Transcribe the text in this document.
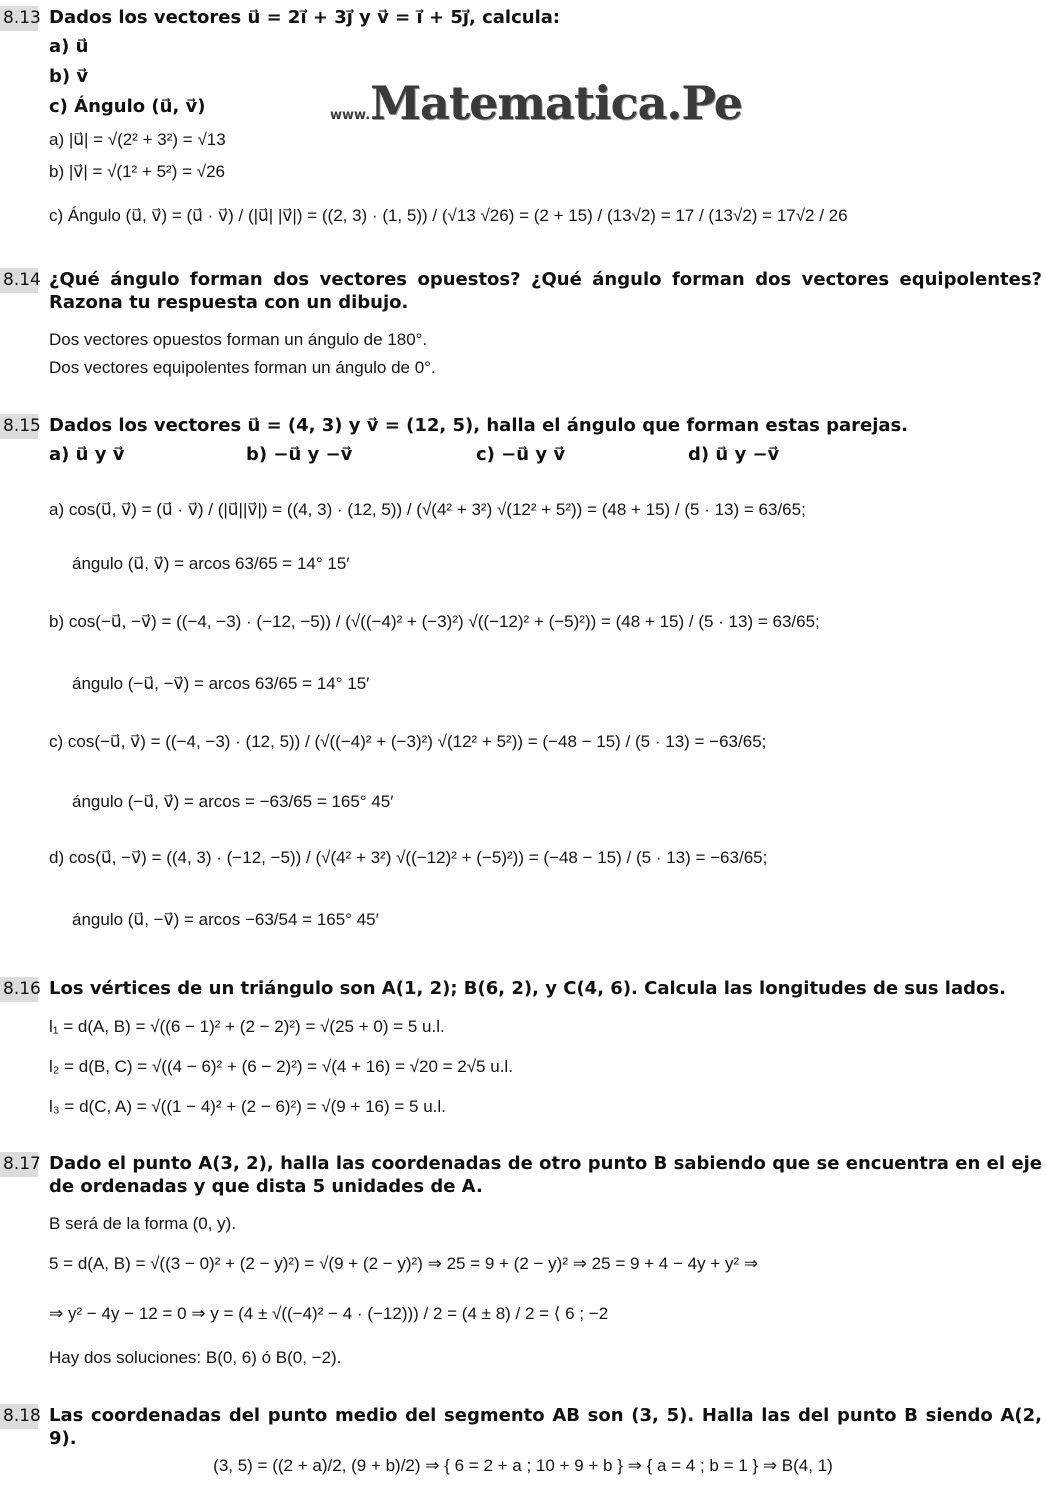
www.Matematica.Pe
8.13 Dados los vectores u⃗ = 2i⃗ + 3j⃗ y v⃗ = i⃗ + 5j⃗, calcula:
a) u⃗
b) v⃗
c) Ángulo (u⃗, v⃗)
a) |u⃗| = √(2² + 3²) = √13
b) |v⃗| = √(1² + 5²) = √26
c) Ángulo (u⃗, v⃗) = (u⃗ · v⃗) / (|u⃗| |v⃗|) = ((2, 3) · (1, 5)) / (√13 √26) = (2 + 15) / (13√2) = 17 / (13√2) = 17√2 / 26
8.14 ¿Qué ángulo forman dos vectores opuestos? ¿Qué ángulo forman dos vectores equipolentes? Razona tu respuesta con un dibujo.
Dos vectores opuestos forman un ángulo de 180°.
Dos vectores equipolentes forman un ángulo de 0°.
8.15 Dados los vectores u⃗ = (4, 3) y v⃗ = (12, 5), halla el ángulo que forman estas parejas.
a) u⃗ y v⃗	b) −u⃗ y −v⃗	c) −u⃗ y v⃗	d) u⃗ y −v⃗
a) cos(u⃗, v⃗) = (u⃗ · v⃗) / (|u⃗||v⃗|) = ((4, 3) · (12, 5)) / (√(4² + 3²) √(12² + 5²)) = (48 + 15) / (5 · 13) = 63/65;
ángulo (u⃗, v⃗) = arcos 63/65 = 14° 15′
b) cos(−u⃗, −v⃗) = ((−4, −3) · (−12, −5)) / (√((−4)² + (−3)²) √((−12)² + (−5)²)) = (48 + 15) / (5 · 13) = 63/65;
ángulo (−u⃗, −v⃗) = arcos 63/65 = 14° 15′
c) cos(−u⃗, v⃗) = ((−4, −3) · (12, 5)) / (√((−4)² + (−3)²) √(12² + 5²)) = (−48 − 15) / (5 · 13) = −63/65;
ángulo (−u⃗, v⃗) = arcos = −63/65 = 165° 45′
d) cos(u⃗, −v⃗) = ((4, 3) · (−12, −5)) / (√(4² + 3²) √((−12)² + (−5)²)) = (−48 − 15) / (5 · 13) = −63/65;
ángulo (u⃗, −v⃗) = arcos −63/54 = 165° 45′
8.16 Los vértices de un triángulo son A(1, 2); B(6, 2), y C(4, 6). Calcula las longitudes de sus lados.
l₁ = d(A, B) = √((6 − 1)² + (2 − 2)²) = √(25 + 0) = 5 u.l.
l₂ = d(B, C) = √((4 − 6)² + (6 − 2)²) = √(4 + 16) = √20 = 2√5 u.l.
l₃ = d(C, A) = √((1 − 4)² + (2 − 6)²) = √(9 + 16) = 5 u.l.
8.17 Dado el punto A(3, 2), halla las coordenadas de otro punto B sabiendo que se encuentra en el eje de ordenadas y que dista 5 unidades de A.
B será de la forma (0, y).
5 = d(A, B) = √((3 − 0)² + (2 − y)²) = √(9 + (2 − y)²) ⇒ 25 = 9 + (2 − y)² ⇒ 25 = 9 + 4 − 4y + y² ⇒
⇒ y² − 4y − 12 = 0 ⇒ y = (4 ± √((−4)² − 4 · (−12))) / 2 = (4 ± 8) / 2 = ⟨ 6 ; −2
Hay dos soluciones: B(0, 6) ó B(0, −2).
8.18 Las coordenadas del punto medio del segmento AB son (3, 5). Halla las del punto B siendo A(2, 9).
(3, 5) = ((2 + a)/2, (9 + b)/2) ⇒ { 6 = 2 + a ; 10 + 9 + b } ⇒ { a = 4 ; b = 1 } ⇒ B(4, 1)
